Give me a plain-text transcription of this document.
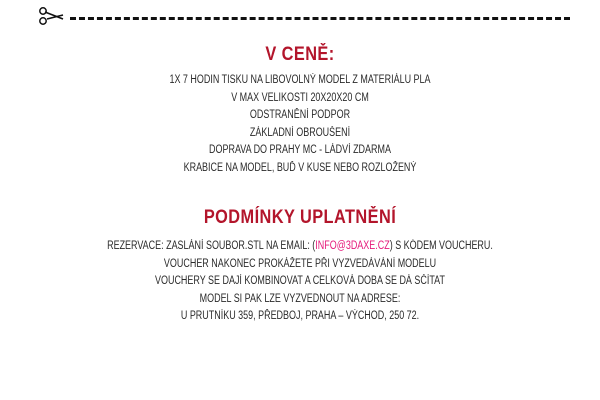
V CENĚ:
1X 7 HODIN TISKU NA LIBOVOLNÝ MODEL Z MATERIÁLU PLA
V MAX VELIKOSTI 20X20X20 CM
ODSTRANĚNÍ PODPOR
ZÁKLADNÍ OBROUŠENÍ
DOPRAVA DO PRAHY MC - LÁDVÍ ZDARMA
KRABICE NA MODEL, BUĎ V KUSE NEBO ROZLOŽENÝ
PODMÍNKY UPLATNĚNÍ
REZERVACE: ZASLÁNÍ SOUBOR.STL NA EMAIL: (INFO@3DAXE.CZ) S KÓDEM VOUCHERU.
VOUCHER NAKONEC PROKÁŽETE PŘI VYZVEDÁVÁNÍ MODELU
VOUCHERY SE DAJÍ KOMBINOVAT A CELKOVÁ DOBA SE DÁ SČÍTAT
MODEL SI PAK LZE VYZVEDNOUT NA ADRESE:
U PRUTNÍKU 359, PŘEDBOJ, PRAHA – VÝCHOD, 250 72.
